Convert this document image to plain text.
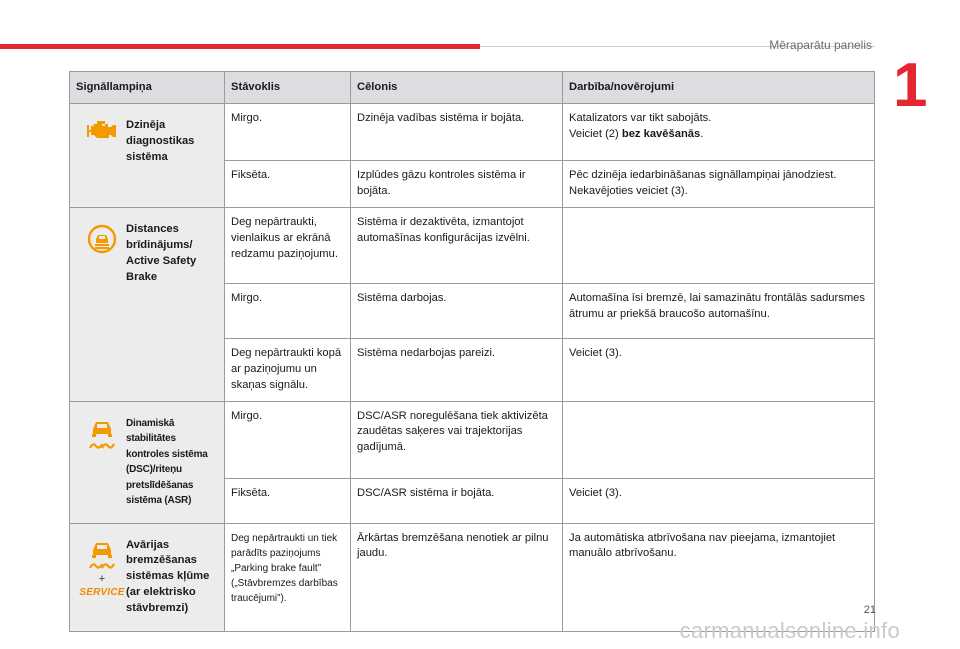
Mēraparātu panelis
1
Signāllampiņa	Stāvoklis	Cēlonis	Darbība/novērojumi

Dzinēja diagnostikas sistēma	Mirgo.	Dzinēja vadības sistēma ir bojāta.	Katalizators var tikt sabojāts.
Veiciet (2) bez kavēšanās.
	Fiksēta.	Izplūdes gāzu kontroles sistēma ir bojāta.	Pēc dzinēja iedarbināšanas signāllampiņai jānodziest. Nekavējoties veiciet (3).

Distances brīdinājums/ Active Safety Brake	Deg nepārtraukti, vienlaikus ar ekrānā redzamu paziņojumu.	Sistēma ir dezaktivēta, izmantojot automašīnas konfigurācijas izvēlni.	
	Mirgo.	Sistēma darbojas.	Automašīna īsi bremzē, lai samazinātu frontālās sadursmes ātrumu ar priekšā braucošo automašīnu.
	Deg nepārtraukti kopā ar paziņojumu un skaņas signālu.	Sistēma nedarbojas pareizi.	Veiciet (3).

Dinamiskā stabilitātes kontroles sistēma (DSC)/riteņu pretslīdēšanas sistēma (ASR)	Mirgo.	DSC/ASR noregulēšana tiek aktivizēta zaudētas saķeres vai trajektorijas gadījumā.	
	Fiksēta.	DSC/ASR sistēma ir bojāta.	Veiciet (3).

+
SERVICE
Avārijas bremzēšanas sistēmas kļūme (ar elektrisko stāvbremzi)	Deg nepārtraukti un tiek parādīts paziņojums „Parking brake fault” („Stāvbremzes darbības traucējumi”).	Ārkārtas bremzēšana nenotiek ar pilnu jaudu.	Ja automātiska atbrīvošana nav pieejama, izmantojiet manuālo atbrīvošanu.
21
carmanualsonline.info
